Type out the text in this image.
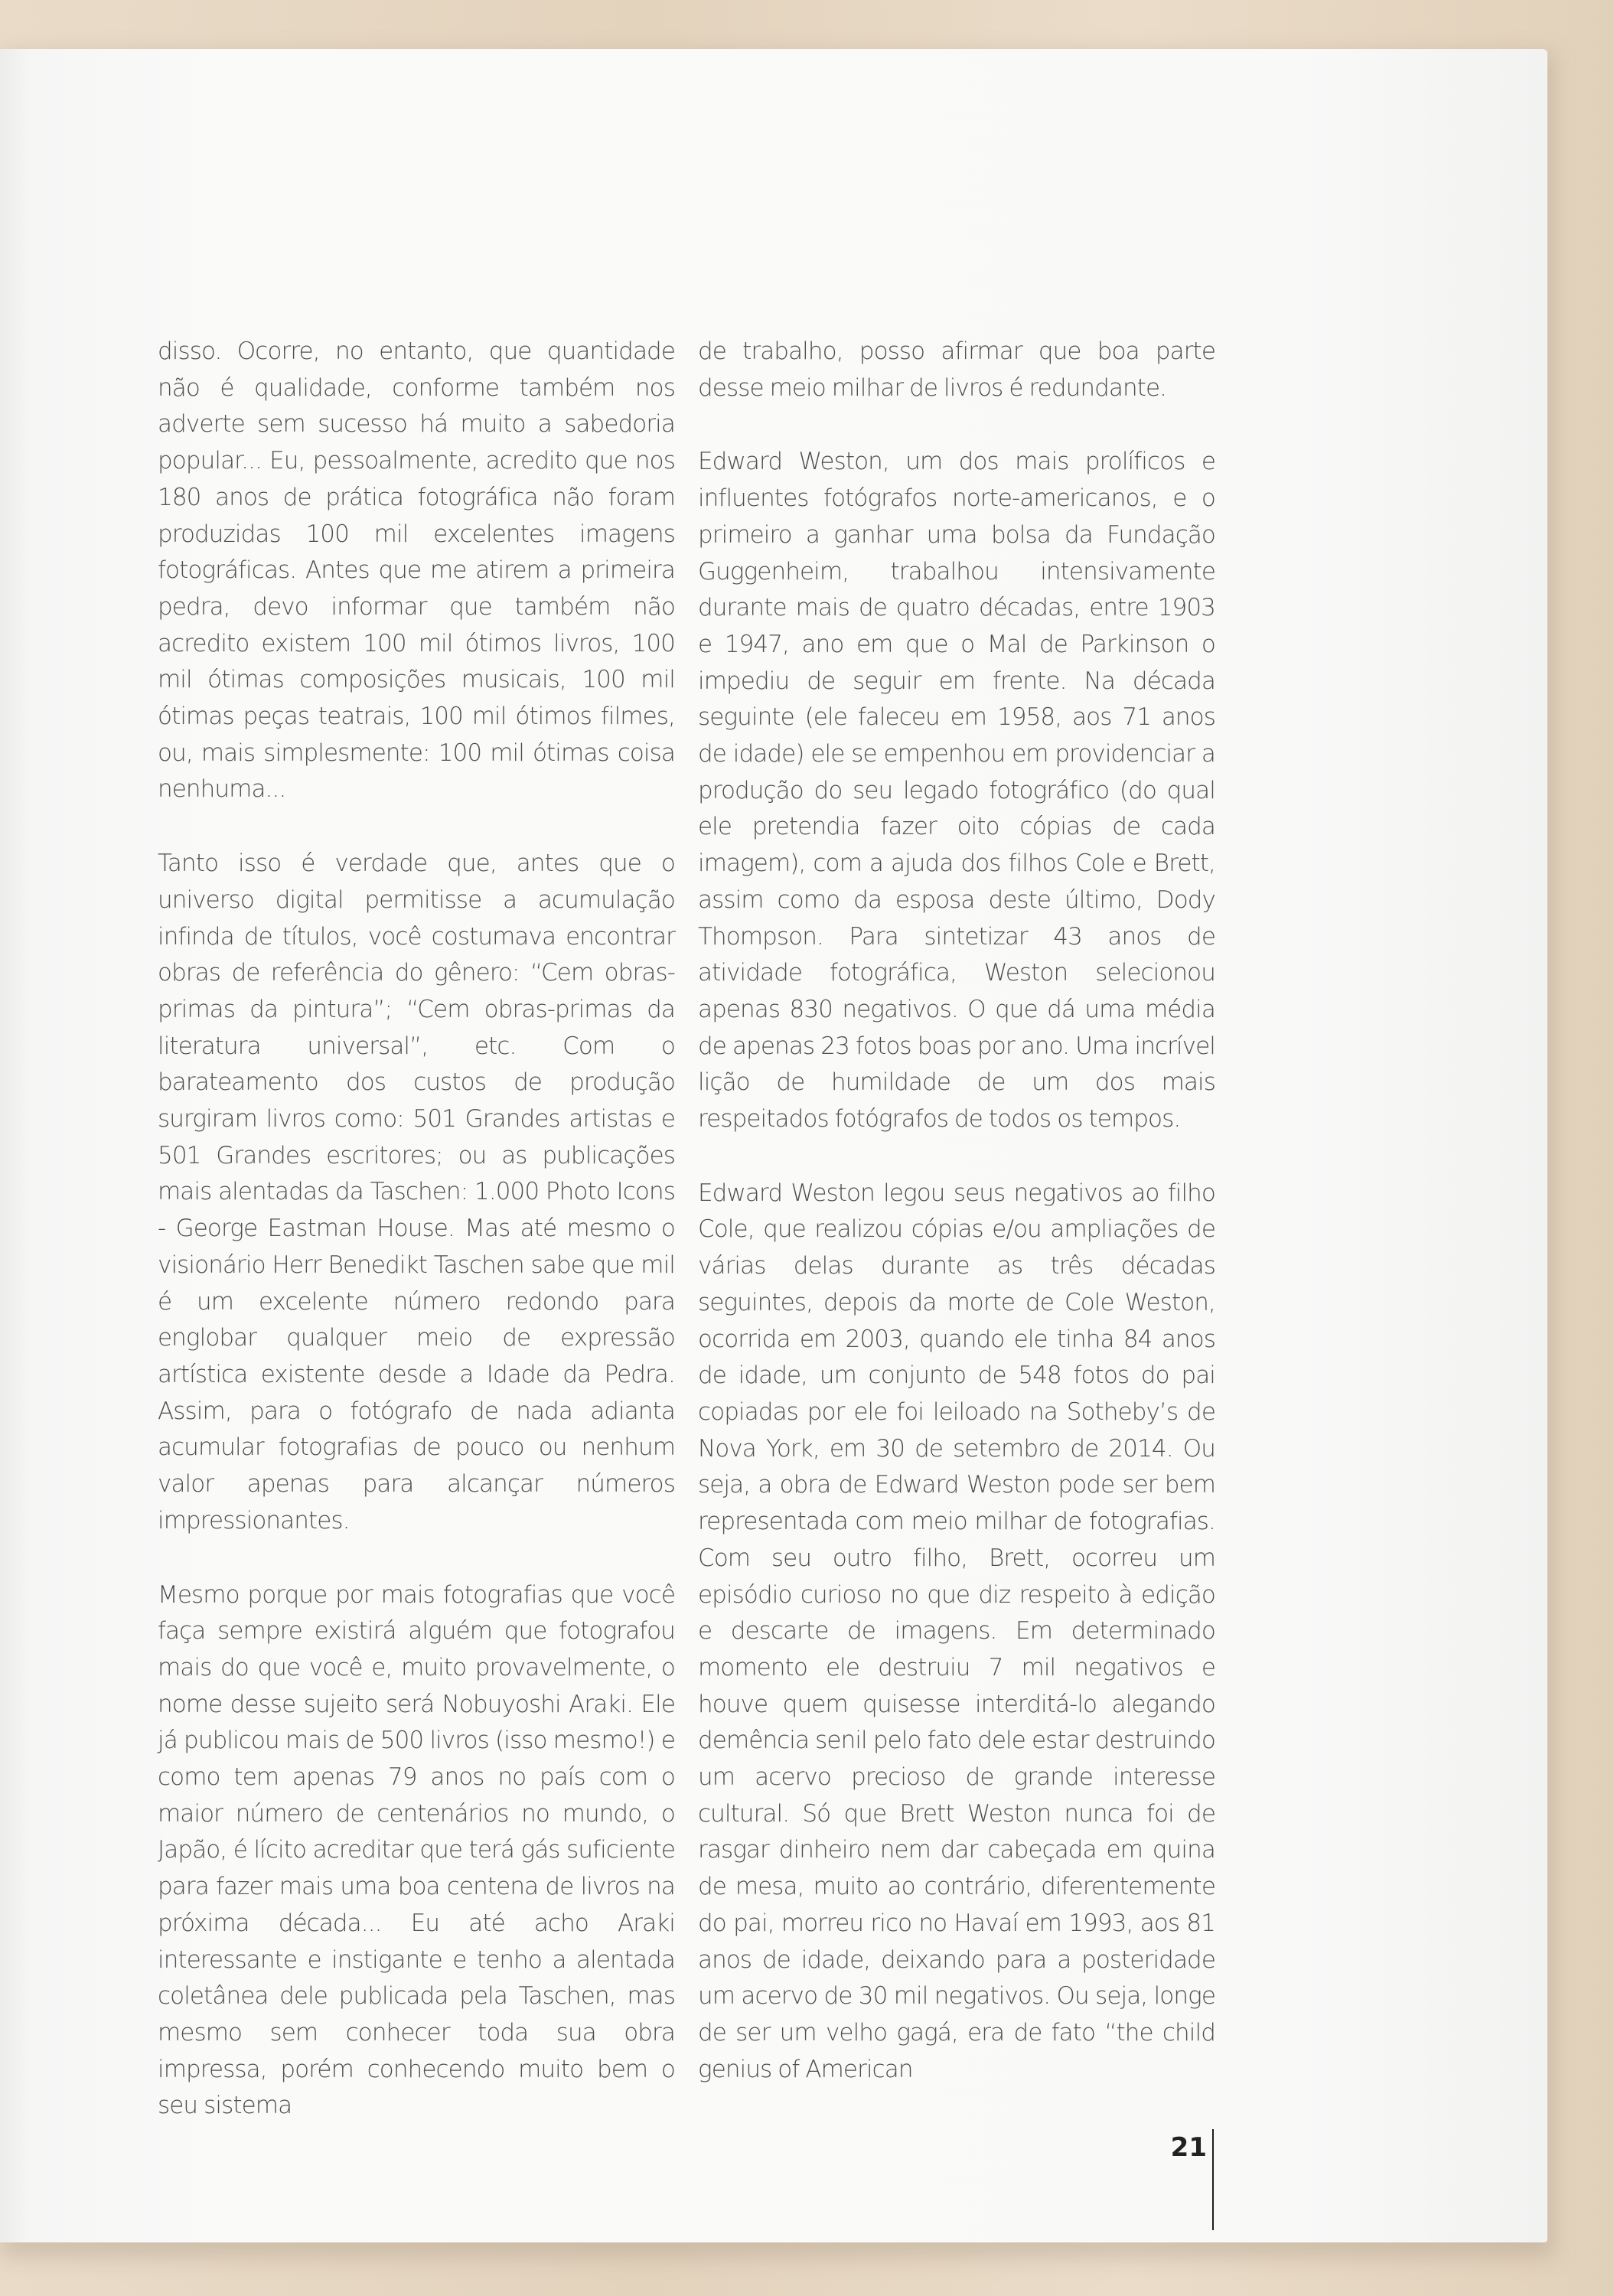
disso. Ocorre, no entanto, que quantidade não é qualidade, conforme também nos adverte sem sucesso há muito a sabedoria popular... Eu, pessoalmente, acredito que nos 180 anos de prática fotográfica não foram produzidas 100 mil excelentes imagens fotográficas. Antes que me atirem a primeira pedra, devo informar que também não acredito existem 100 mil ótimos livros, 100 mil ótimas composições musicais, 100 mil ótimas peças teatrais, 100 mil ótimos filmes, ou, mais simplesmente: 100 mil ótimas coisa nenhuma...

Tanto isso é verdade que, antes que o universo digital permitisse a acumulação infinda de títulos, você costumava encontrar obras de referência do gênero: “Cem obras-primas da pintura”; “Cem obras-primas da literatura universal”, etc. Com o barateamento dos custos de produção surgiram livros como: 501 Grandes artistas e 501 Grandes escritores; ou as publicações mais alentadas da Taschen: 1.000 Photo Icons - George Eastman House. Mas até mesmo o visionário Herr Benedikt Taschen sabe que mil é um excelente número redondo para englobar qualquer meio de expressão artística existente desde a Idade da Pedra. Assim, para o fotógrafo de nada adianta acumular fotografias de pouco ou nenhum valor apenas para alcançar números impressionantes.

Mesmo porque por mais fotografias que você faça sempre existirá alguém que fotografou mais do que você e, muito provavelmente, o nome desse sujeito será Nobuyoshi Araki. Ele já publicou mais de 500 livros (isso mesmo!) e como tem apenas 79 anos no país com o maior número de centenários no mundo, o Japão, é lícito acreditar que terá gás suficiente para fazer mais uma boa centena de livros na próxima década... Eu até acho Araki interessante e instigante e tenho a alentada coletânea dele publicada pela Taschen, mas mesmo sem conhecer toda sua obra impressa, porém conhecendo muito bem o seu sistema

de trabalho, posso afirmar que boa parte desse meio milhar de livros é redundante.

Edward Weston, um dos mais prolíficos e influentes fotógrafos norte-americanos, e o primeiro a ganhar uma bolsa da Fundação Guggenheim, trabalhou intensivamente durante mais de quatro décadas, entre 1903 e 1947, ano em que o Mal de Parkinson o impediu de seguir em frente. Na década seguinte (ele faleceu em 1958, aos 71 anos de idade) ele se empenhou em providenciar a produção do seu legado fotográfico (do qual ele pretendia fazer oito cópias de cada imagem), com a ajuda dos filhos Cole e Brett, assim como da esposa deste último, Dody Thompson. Para sintetizar 43 anos de atividade fotográfica, Weston selecionou apenas 830 negativos. O que dá uma média de apenas 23 fotos boas por ano. Uma incrível lição de humildade de um dos mais respeitados fotógrafos de todos os tempos.

Edward Weston legou seus negativos ao filho Cole, que realizou cópias e/ou ampliações de várias delas durante as três décadas seguintes, depois da morte de Cole Weston, ocorrida em 2003, quando ele tinha 84 anos de idade, um conjunto de 548 fotos do pai copiadas por ele foi leiloado na Sotheby’s de Nova York, em 30 de setembro de 2014. Ou seja, a obra de Edward Weston pode ser bem representada com meio milhar de fotografias. Com seu outro filho, Brett, ocorreu um episódio curioso no que diz respeito à edição e descarte de imagens. Em determinado momento ele destruiu 7 mil negativos e houve quem quisesse interditá-lo alegando demência senil pelo fato dele estar destruindo um acervo precioso de grande interesse cultural. Só que Brett Weston nunca foi de rasgar dinheiro nem dar cabeçada em quina de mesa, muito ao contrário, diferentemente do pai, morreu rico no Havaí em 1993, aos 81 anos de idade, deixando para a posteridade um acervo de 30 mil negativos. Ou seja, longe de ser um velho gagá, era de fato “the child genius of American

21
